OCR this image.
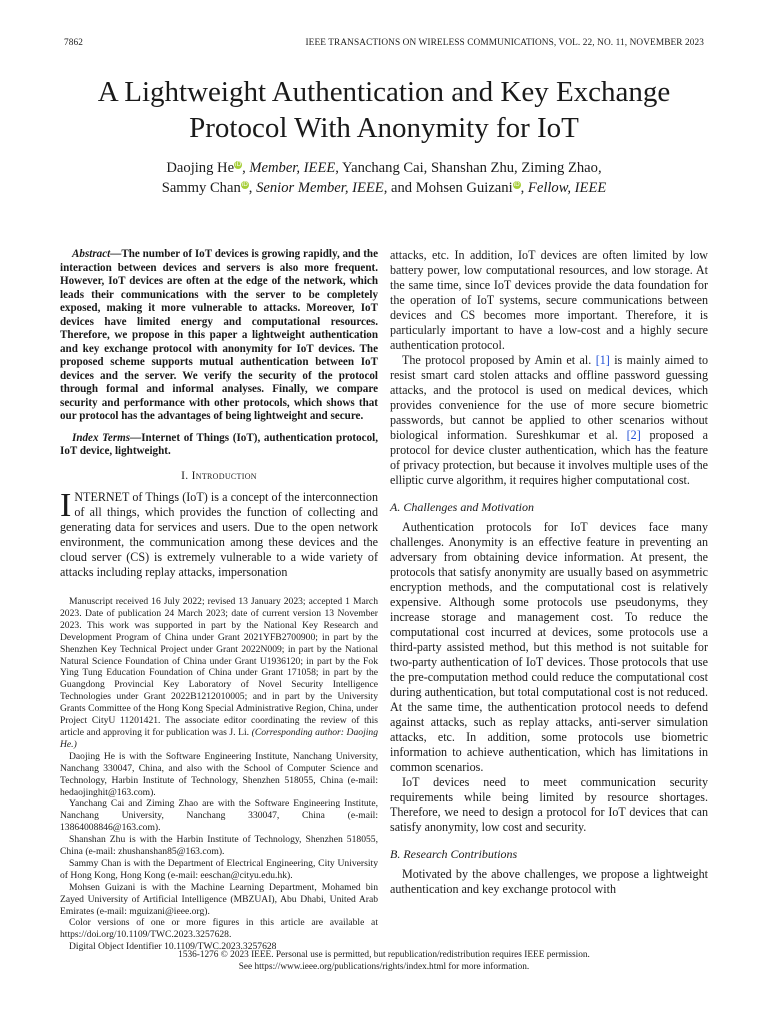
7862	IEEE TRANSACTIONS ON WIRELESS COMMUNICATIONS, VOL. 22, NO. 11, NOVEMBER 2023
A Lightweight Authentication and Key Exchange
Protocol With Anonymity for IoT
Daojing HeiD, Member, IEEE, Yanchang Cai, Shanshan Zhu, Ziming Zhao,
Sammy ChaniD, Senior Member, IEEE, and Mohsen GuizaniiD, Fellow, IEEE

Abstract—The number of IoT devices is growing rapidly, and the interaction between devices and servers is also more frequent. However, IoT devices are often at the edge of the network, which leads their communications with the server to be completely exposed, making it more vulnerable to attacks. Moreover, IoT devices have limited energy and computational resources. Therefore, we propose in this paper a lightweight authentication and key exchange protocol with anonymity for IoT devices. The proposed scheme supports mutual authentication between IoT devices and the server. We verify the security of the protocol through formal and informal analyses. Finally, we compare security and performance with other protocols, which shows that our protocol has the advantages of being lightweight and secure.

Index Terms—Internet of Things (IoT), authentication protocol, IoT device, lightweight.

I. Introduction

INTERNET of Things (IoT) is a concept of the interconnection of all things, which provides the function of collecting and generating data for services and users. Due to the open network environment, the communication among these devices and the cloud server (CS) is extremely vulnerable to a wide variety of attacks including replay attacks, impersonation

Manuscript received 16 July 2022; revised 13 January 2023; accepted 1 March 2023. Date of publication 24 March 2023; date of current version 13 November 2023. This work was supported in part by the National Key Research and Development Program of China under Grant 2021YFB2700900; in part by the Shenzhen Key Technical Project under Grant 2022N009; in part by the National Natural Science Foundation of China under Grant U1936120; in part by the Fok Ying Tung Education Foundation of China under Grant 171058; in part by the Guangdong Provincial Key Laboratory of Novel Security Intelligence Technologies under Grant 2022B1212010005; and in part by the University Grants Committee of the Hong Kong Special Administrative Region, China, under Project CityU 11201421. The associate editor coordinating the review of this article and approving it for publication was J. Li. (Corresponding author: Daojing He.)

Daojing He is with the Software Engineering Institute, Nanchang University, Nanchang 330047, China, and also with the School of Computer Science and Technology, Harbin Institute of Technology, Shenzhen 518055, China (e-mail: hedaojinghit@163.com).

Yanchang Cai and Ziming Zhao are with the Software Engineering Institute, Nanchang University, Nanchang 330047, China (e-mail: 13864008846@163.com).

Shanshan Zhu is with the Harbin Institute of Technology, Shenzhen 518055, China (e-mail: zhushanshan85@163.com).

Sammy Chan is with the Department of Electrical Engineering, City University of Hong Kong, Hong Kong (e-mail: eeschan@cityu.edu.hk).

Mohsen Guizani is with the Machine Learning Department, Mohamed bin Zayed University of Artificial Intelligence (MBZUAI), Abu Dhabi, United Arab Emirates (e-mail: mguizani@ieee.org).

Color versions of one or more figures in this article are available at https://doi.org/10.1109/TWC.2023.3257628.

Digital Object Identifier 10.1109/TWC.2023.3257628

attacks, etc. In addition, IoT devices are often limited by low battery power, low computational resources, and low storage. At the same time, since IoT devices provide the data foundation for the operation of IoT systems, secure communications between devices and CS becomes more important. Therefore, it is particularly important to have a low-cost and a highly secure authentication protocol.

The protocol proposed by Amin et al. [1] is mainly aimed to resist smart card stolen attacks and offline password guessing attacks, and the protocol is used on medical devices, which provides convenience for the use of more secure biometric passwords, but cannot be applied to other scenarios without biological information. Sureshkumar et al. [2] proposed a protocol for device cluster authentication, which has the feature of privacy protection, but because it involves multiple uses of the elliptic curve algorithm, it requires higher computational cost.

A. Challenges and Motivation

Authentication protocols for IoT devices face many challenges. Anonymity is an effective feature in preventing an adversary from obtaining device information. At present, the protocols that satisfy anonymity are usually based on asymmetric encryption methods, and the computational cost is relatively expensive. Although some protocols use pseudonyms, they increase storage and management cost. To reduce the computational cost incurred at devices, some protocols use a third-party assisted method, but this method is not suitable for two-party authentication of IoT devices. Those protocols that use the pre-computation method could reduce the computational cost during authentication, but total computational cost is not reduced. At the same time, the authentication protocol needs to defend against attacks, such as replay attacks, anti-server simulation attacks, etc. In addition, some protocols use biometric information to achieve authentication, which has limitations in common scenarios.

IoT devices need to meet communication security requirements while being limited by resource shortages. Therefore, we need to design a protocol for IoT devices that can satisfy anonymity, low cost and security.

B. Research Contributions

Motivated by the above challenges, we propose a lightweight authentication and key exchange protocol with

1536-1276 © 2023 IEEE. Personal use is permitted, but republication/redistribution requires IEEE permission.
See https://www.ieee.org/publications/rights/index.html for more information.
